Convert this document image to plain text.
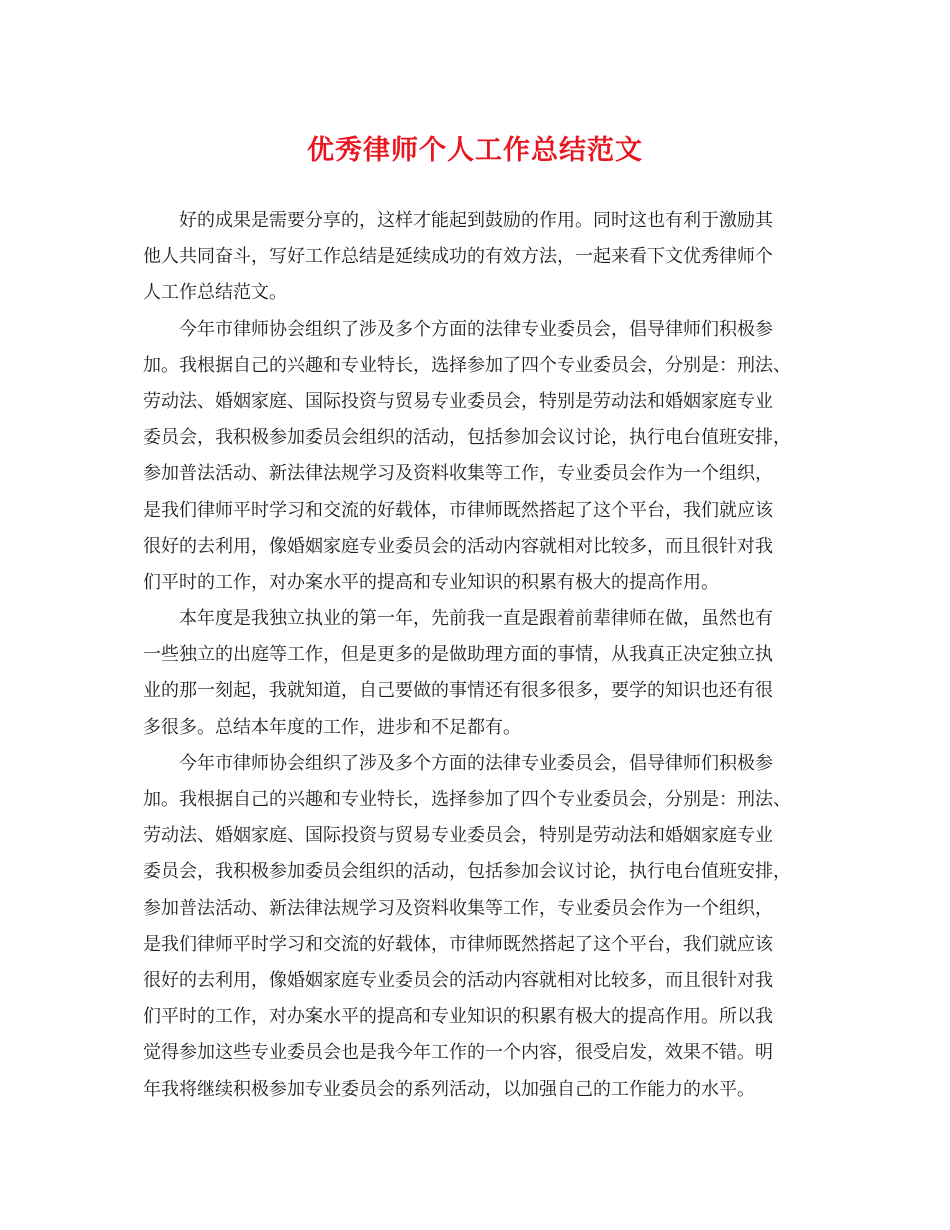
优秀律师个人工作总结范文
好的成果是需要分享的，这样才能起到鼓励的作用。同时这也有利于激励其
他人共同奋斗，写好工作总结是延续成功的有效方法，一起来看下文优秀律师个
人工作总结范文。
今年市律师协会组织了涉及多个方面的法律专业委员会，倡导律师们积极参
加。我根据自己的兴趣和专业特长，选择参加了四个专业委员会，分别是：刑法、
劳动法、婚姻家庭、国际投资与贸易专业委员会，特别是劳动法和婚姻家庭专业
委员会，我积极参加委员会组织的活动，包括参加会议讨论，执行电台值班安排，
参加普法活动、新法律法规学习及资料收集等工作，专业委员会作为一个组织，
是我们律师平时学习和交流的好载体，市律师既然搭起了这个平台，我们就应该
很好的去利用，像婚姻家庭专业委员会的活动内容就相对比较多，而且很针对我
们平时的工作，对办案水平的提高和专业知识的积累有极大的提高作用。
本年度是我独立执业的第一年，先前我一直是跟着前辈律师在做，虽然也有
一些独立的出庭等工作，但是更多的是做助理方面的事情，从我真正决定独立执
业的那一刻起，我就知道，自己要做的事情还有很多很多，要学的知识也还有很
多很多。总结本年度的工作，进步和不足都有。
今年市律师协会组织了涉及多个方面的法律专业委员会，倡导律师们积极参
加。我根据自己的兴趣和专业特长，选择参加了四个专业委员会，分别是：刑法、
劳动法、婚姻家庭、国际投资与贸易专业委员会，特别是劳动法和婚姻家庭专业
委员会，我积极参加委员会组织的活动，包括参加会议讨论，执行电台值班安排，
参加普法活动、新法律法规学习及资料收集等工作，专业委员会作为一个组织，
是我们律师平时学习和交流的好载体，市律师既然搭起了这个平台，我们就应该
很好的去利用，像婚姻家庭专业委员会的活动内容就相对比较多，而且很针对我
们平时的工作，对办案水平的提高和专业知识的积累有极大的提高作用。所以我
觉得参加这些专业委员会也是我今年工作的一个内容，很受启发，效果不错。明
年我将继续积极参加专业委员会的系列活动，以加强自己的工作能力的水平。
